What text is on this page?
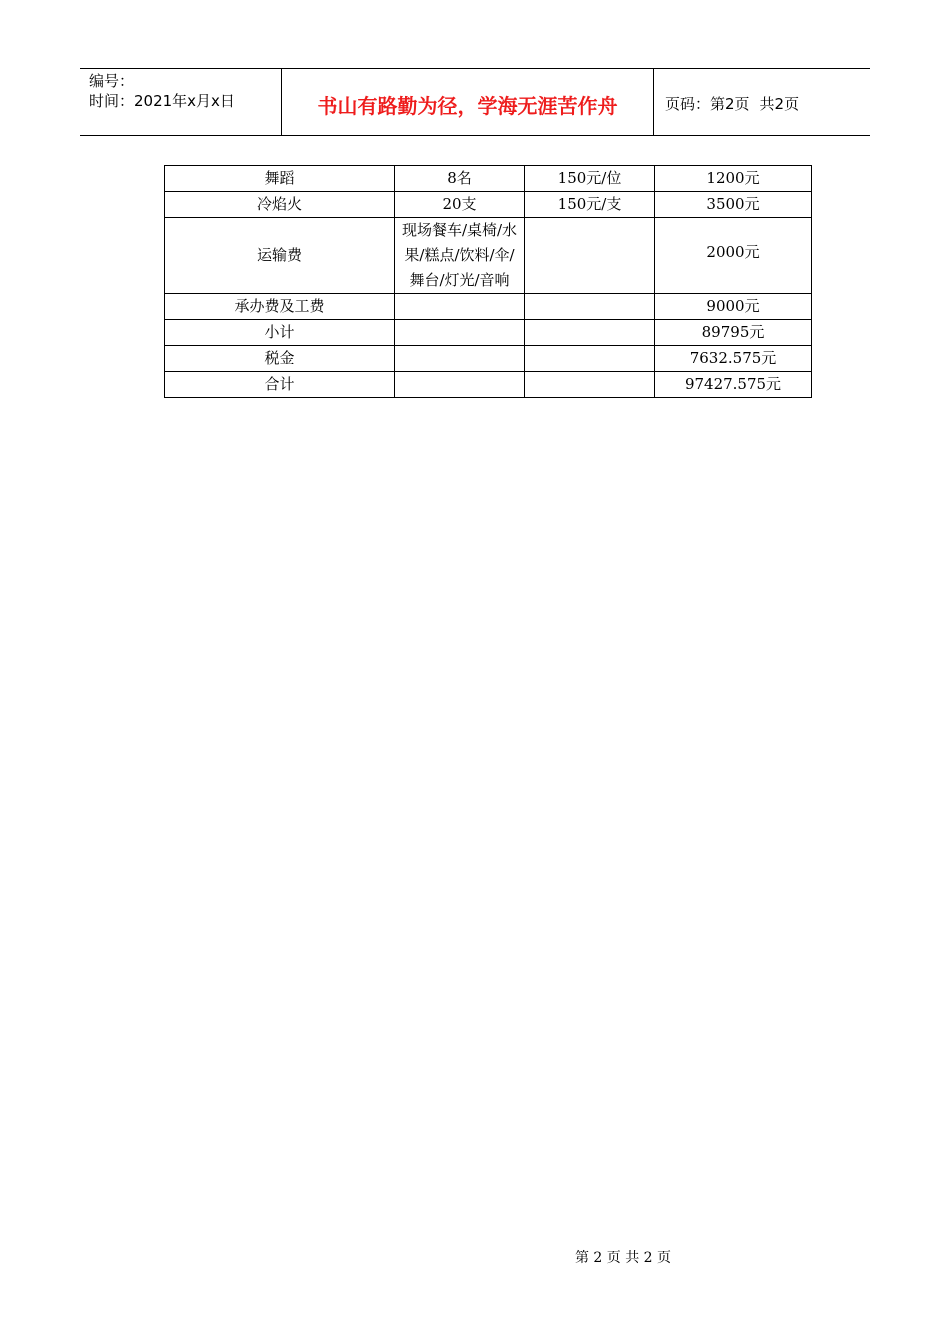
编号：
时间：2021年x月x日	书山有路勤为径，学海无涯苦作舟	页码：第2页 共2页
舞蹈	8名	150元/位	1200元
冷焰火	20支	150元/支	3500元
运输费	现场餐车/桌椅/水果/糕点/饮料/伞/舞台/灯光/音响		2000元
承办费及工费			9000元
小计			89795元
税金			7632.575元
合计			97427.575元
第 2 页 共 2 页
